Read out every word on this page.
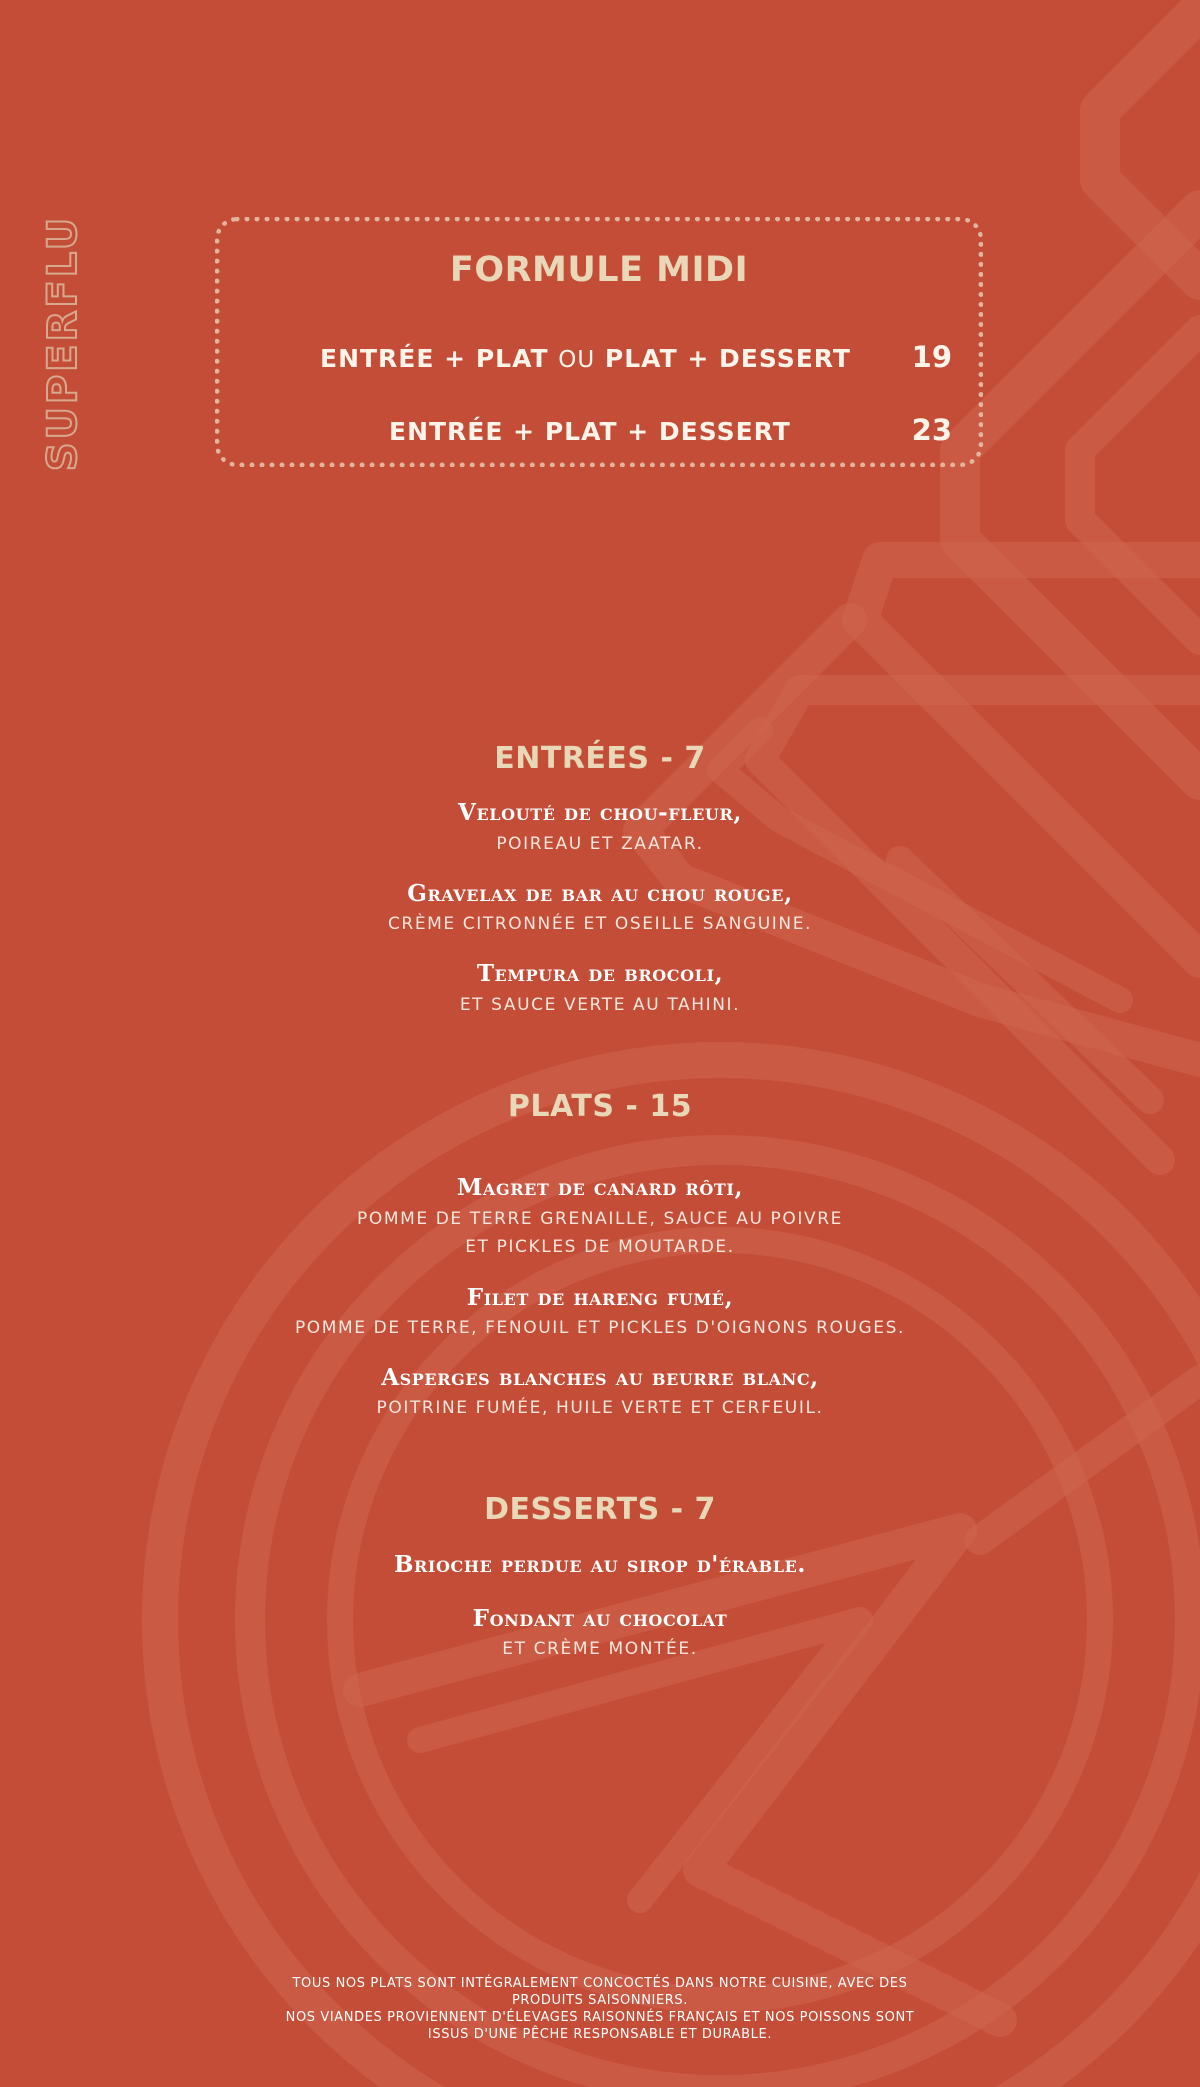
SUPERFLU	FORMULE MIDI
ENTRÉE + PLAT OU PLAT + DESSERT	19
ENTRÉE + PLAT + DESSERT	23
ENTRÉES - 7
Velouté de chou-fleur,
POIREAU ET ZAATAR.
Gravelax de bar au chou rouge,
CRÈME CITRONNÉE ET OSEILLE SANGUINE.
Tempura de brocoli,
ET SAUCE VERTE AU TAHINI.
PLATS - 15
Magret de canard rôti,
POMME DE TERRE GRENAILLE, SAUCE AU POIVRE
ET PICKLES DE MOUTARDE.
Filet de hareng fumé,
POMME DE TERRE, FENOUIL ET PICKLES D'OIGNONS ROUGES.
Asperges blanches au beurre blanc,
POITRINE FUMÉE, HUILE VERTE ET CERFEUIL.
DESSERTS - 7
Brioche perdue au sirop d'érable.
Fondant au chocolat
ET CRÈME MONTÉE.
TOUS NOS PLATS SONT INTÉGRALEMENT CONCOCTÉS DANS NOTRE CUISINE, AVEC DES
PRODUITS SAISONNIERS.
NOS VIANDES PROVIENNENT D'ÉLEVAGES RAISONNÉS FRANÇAIS ET NOS POISSONS SONT
ISSUS D'UNE PÊCHE RESPONSABLE ET DURABLE.
